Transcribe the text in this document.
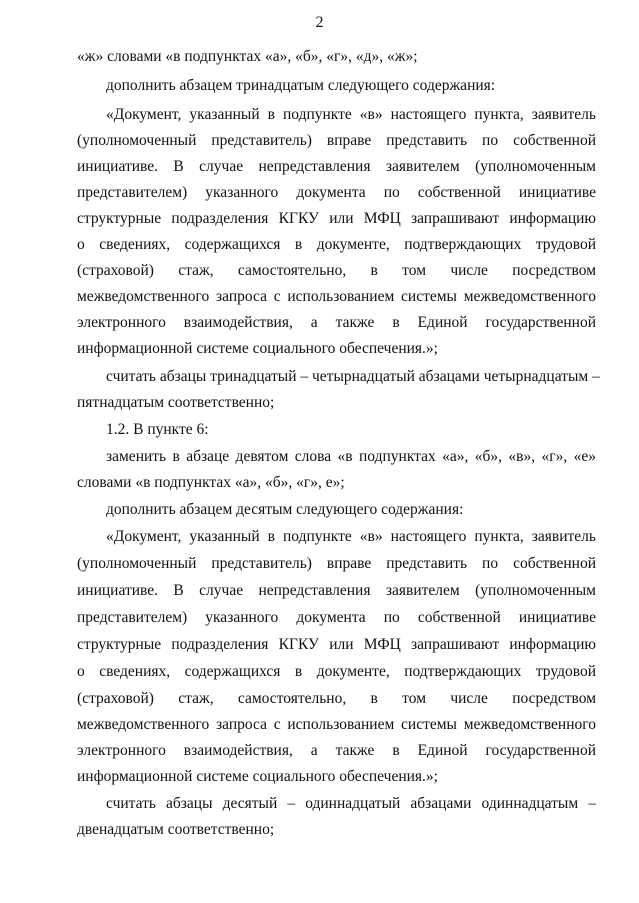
2
«ж» словами «в подпунктах «а», «б», «г», «д», «ж»;
дополнить абзацем тринадцатым следующего содержания:
«Документ, указанный в подпункте «в» настоящего пункта, заявитель
(уполномоченный представитель) вправе представить по собственной
инициативе. В случае непредставления заявителем (уполномоченным
представителем) указанного документа по собственной инициативе
структурные подразделения КГКУ или МФЦ запрашивают информацию
о сведениях, содержащихся в документе, подтверждающих трудовой
(страховой) стаж, самостоятельно, в том числе посредством
межведомственного запроса с использованием системы межведомственного
электронного взаимодействия, а также в Единой государственной
информационной системе социального обеспечения.»;
считать абзацы тринадцатый – четырнадцатый абзацами четырнадцатым –
пятнадцатым соответственно;
1.2. В пункте 6:
заменить в абзаце девятом слова «в подпунктах «а», «б», «в», «г», «е»
словами «в подпунктах «а», «б», «г», е»;
дополнить абзацем десятым следующего содержания:
«Документ, указанный в подпункте «в» настоящего пункта, заявитель
(уполномоченный представитель) вправе представить по собственной
инициативе. В случае непредставления заявителем (уполномоченным
представителем) указанного документа по собственной инициативе
структурные подразделения КГКУ или МФЦ запрашивают информацию
о сведениях, содержащихся в документе, подтверждающих трудовой
(страховой) стаж, самостоятельно, в том числе посредством
межведомственного запроса с использованием системы межведомственного
электронного взаимодействия, а также в Единой государственной
информационной системе социального обеспечения.»;
считать абзацы десятый – одиннадцатый абзацами одиннадцатым –
двенадцатым соответственно;
